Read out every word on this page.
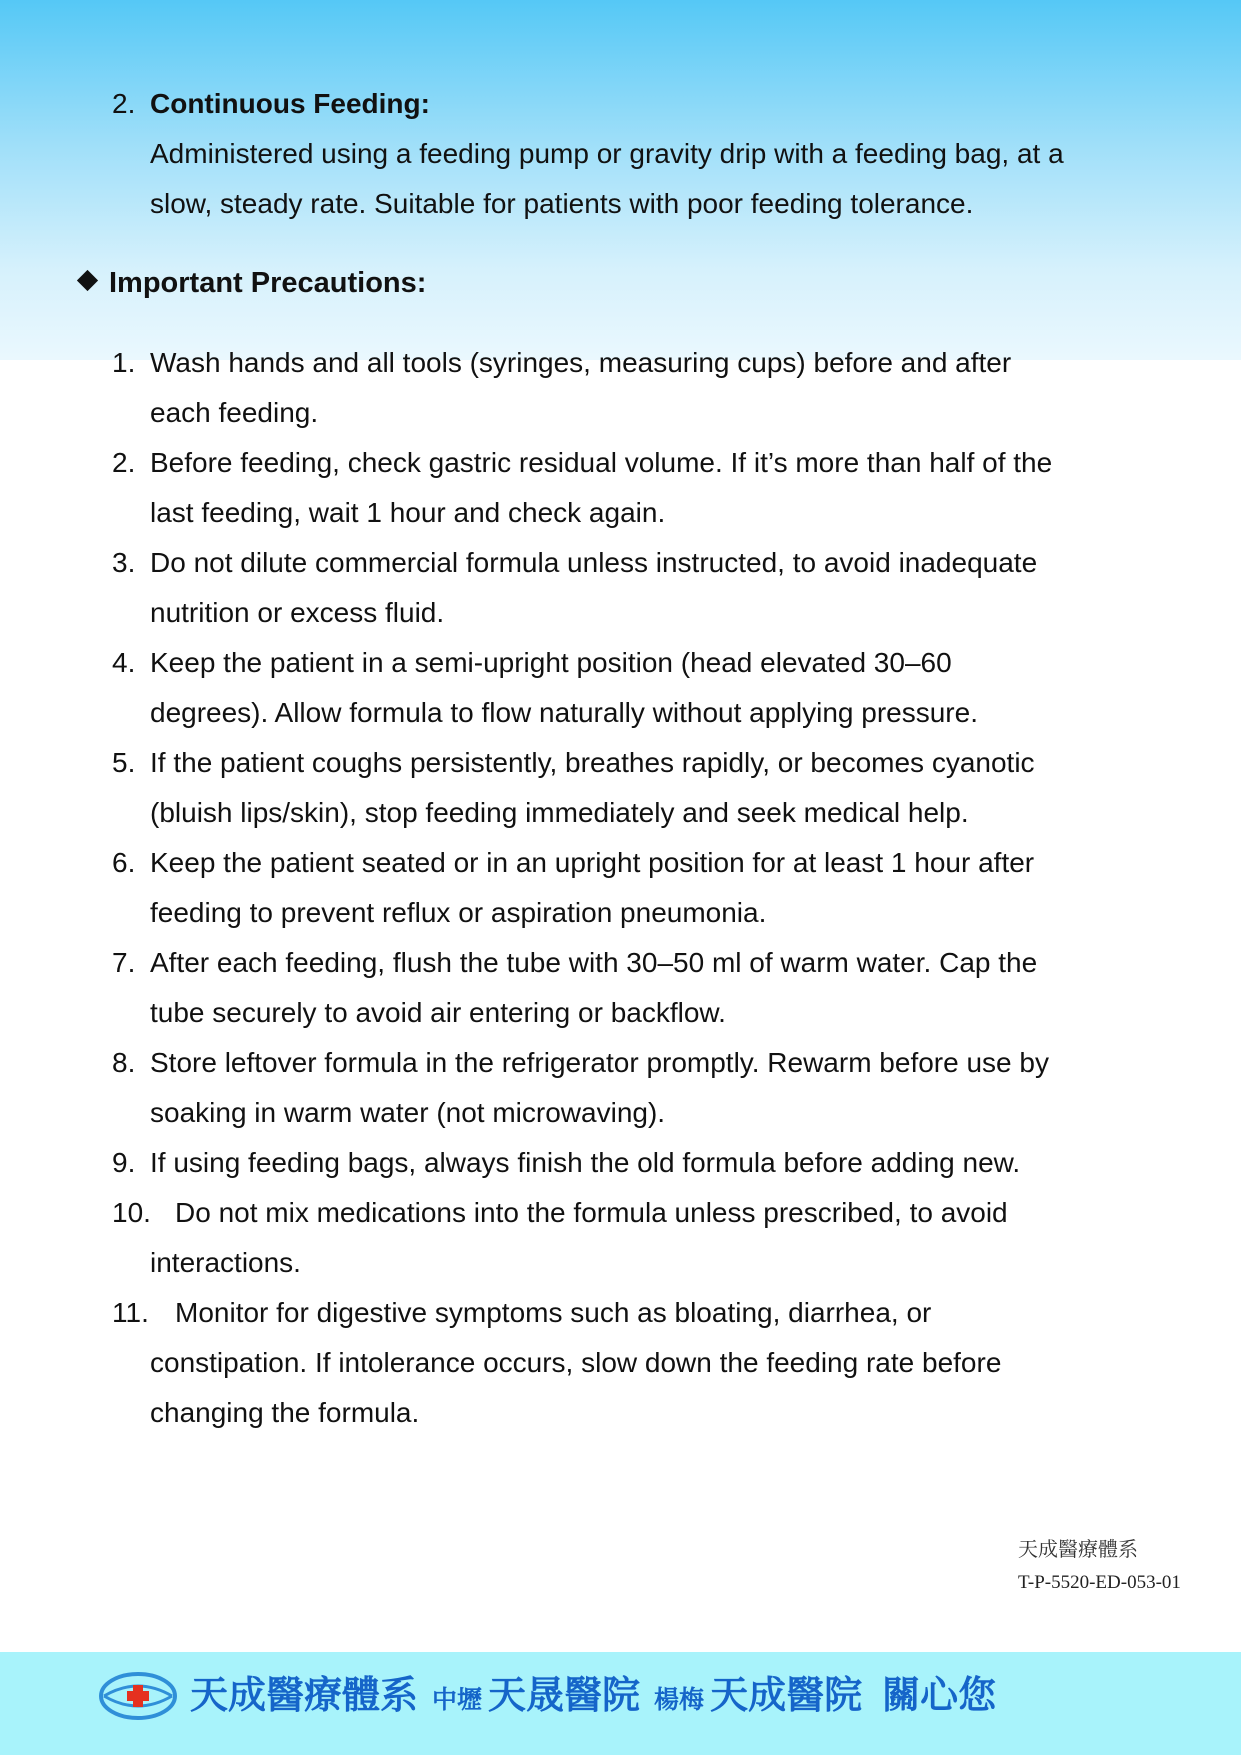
2. Continuous Feeding:
Administered using a feeding pump or gravity drip with a feeding bag, at a
slow, steady rate. Suitable for patients with poor feeding tolerance.
Important Precautions:
1. Wash hands and all tools (syringes, measuring cups) before and after
each feeding.
2. Before feeding, check gastric residual volume. If it’s more than half of the
last feeding, wait 1 hour and check again.
3. Do not dilute commercial formula unless instructed, to avoid inadequate
nutrition or excess fluid.
4. Keep the patient in a semi-upright position (head elevated 30–60
degrees). Allow formula to flow naturally without applying pressure.
5. If the patient coughs persistently, breathes rapidly, or becomes cyanotic
(bluish lips/skin), stop feeding immediately and seek medical help.
6. Keep the patient seated or in an upright position for at least 1 hour after
feeding to prevent reflux or aspiration pneumonia.
7. After each feeding, flush the tube with 30–50 ml of warm water. Cap the
tube securely to avoid air entering or backflow.
8. Store leftover formula in the refrigerator promptly. Rewarm before use by
soaking in warm water (not microwaving).
9. If using feeding bags, always finish the old formula before adding new.
10. Do not mix medications into the formula unless prescribed, to avoid
interactions.
11. Monitor for digestive symptoms such as bloating, diarrhea, or
constipation. If intolerance occurs, slow down the feeding rate before
changing the formula.
天成醫療體系
T-P-5520-ED-053-01
天成醫療體系 中壢 天晟醫院 楊梅 天成醫院 關心您
